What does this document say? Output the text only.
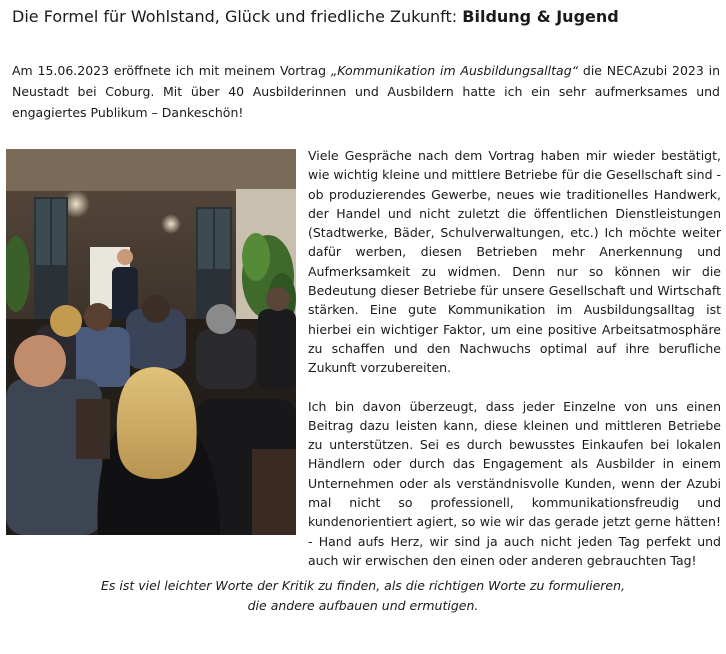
Die Formel für Wohlstand, Glück und friedliche Zukunft: Bildung & Jugend
Am 15.06.2023 eröffnete ich mit meinem Vortrag „Kommunikation im Ausbildungsalltag“ die NECAzubi 2023 in Neustadt bei Coburg. Mit über 40 Ausbilderinnen und Ausbildern hatte ich ein sehr aufmerksames und engagiertes Publikum – Dankeschön!

Viele Gespräche nach dem Vortrag haben mir wieder bestätigt, wie wichtig kleine und mittlere Betriebe für die Gesellschaft sind - ob produzierendes Gewerbe, neues wie traditionelles Handwerk, der Handel und nicht zuletzt die öffentlichen Dienstleistungen (Stadtwerke, Bäder, Schulverwaltungen, etc.) Ich möchte weiter dafür werben, diesen Betrieben mehr Anerkennung und Aufmerksamkeit zu widmen. Denn nur so können wir die Bedeutung dieser Betriebe für unsere Gesellschaft und Wirtschaft stärken. Eine gute Kommunikation im Ausbildungsalltag ist hierbei ein wichtiger Faktor, um eine positive Arbeitsatmosphäre zu schaffen und den Nachwuchs optimal auf ihre berufliche Zukunft vorzubereiten.

Ich bin davon überzeugt, dass jeder Einzelne von uns einen Beitrag dazu leisten kann, diese kleinen und mittleren Betriebe zu unterstützen. Sei es durch bewusstes Einkaufen bei lokalen Händlern oder durch das Engagement als Ausbilder in einem Unternehmen oder als verständnisvolle Kunden, wenn der Azubi mal nicht so professionell, kommunikationsfreudig und kundenorientiert agiert, so wie wir das gerade jetzt gerne hätten! - Hand aufs Herz, wir sind ja auch nicht jeden Tag perfekt und auch wir erwischen den einen oder anderen gebrauchten Tag!

Es ist viel leichter Worte der Kritik zu finden, als die richtigen Worte zu formulieren,
die andere aufbauen und ermutigen.
